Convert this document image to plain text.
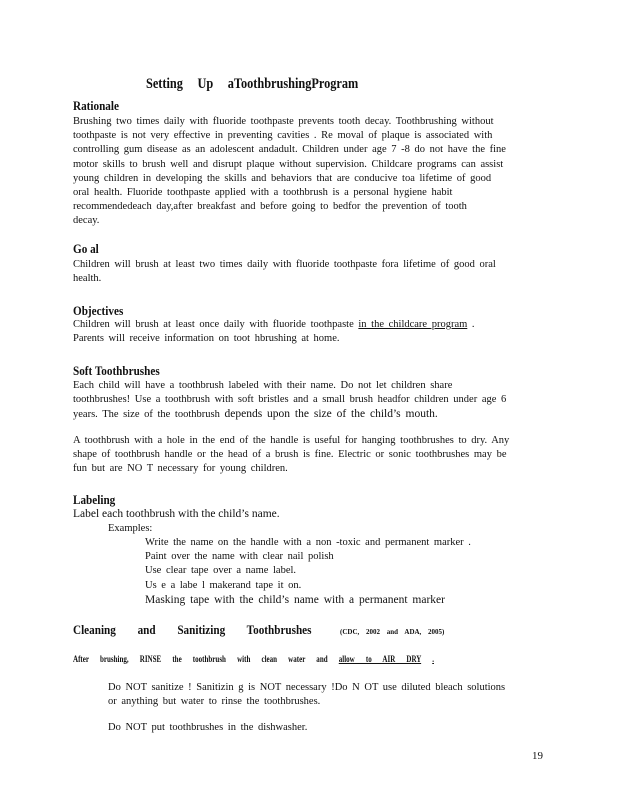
Setting Up aToothbrushingProgram
Rationale
Brushing two times daily with fluoride toothpaste prevents tooth decay. Toothbrushing without
toothpaste is not very effective in preventing cavities . Re moval of plaque is associated with
controlling gum disease as an adolescent andadult. Children under age 7 -8 do not have the fine
motor skills to brush well and disrupt plaque without supervision. Childcare programs can assist
young children in developing the skills and behaviors that are conducive toa lifetime of good
oral health. Fluoride toothpaste applied with a toothbrush is a personal hygiene habit
recommendedeach day,after breakfast and before going to bedfor the prevention of tooth
decay.
Go al
Children will brush at least two times daily with fluoride toothpaste fora lifetime of good oral
health.
Objectives
Children will brush at least once daily with fluoride toothpaste in the childcare program .
Parents will receive information on toot hbrushing at home.
Soft Toothbrushes
Each child will have a toothbrush labeled with their name. Do not let children share
toothbrushes! Use a toothbrush with soft bristles and a small brush headfor children under age 6
years. The size of the toothbrush depends upon the size of the child’s mouth.
A toothbrush with a hole in the end of the handle is useful for hanging toothbrushes to dry. Any
shape of toothbrush handle or the head of a brush is fine. Electric or sonic toothbrushes may be
fun but are NO T necessary for young children.
Labeling
Label each toothbrush with the child’s name.
Examples:
Write the name on the handle with a non -toxic and permanent marker .
Paint over the name with clear nail polish
Use clear tape over a name label.
Us e a labe l makerand tape it on.
Masking tape with the child’s name with a permanent marker
Cleaning and Sanitizing Toothbrushes	(CDC, 2002 and ADA, 2005)
After brushing, RINSE the toothbrush with clean water and allow to AIR DRY .
Do NOT sanitize ! Sanitizin g is NOT necessary !Do N OT use diluted bleach solutions
or anything but water to rinse the toothbrushes.
Do NOT put toothbrushes in the dishwasher.
19
